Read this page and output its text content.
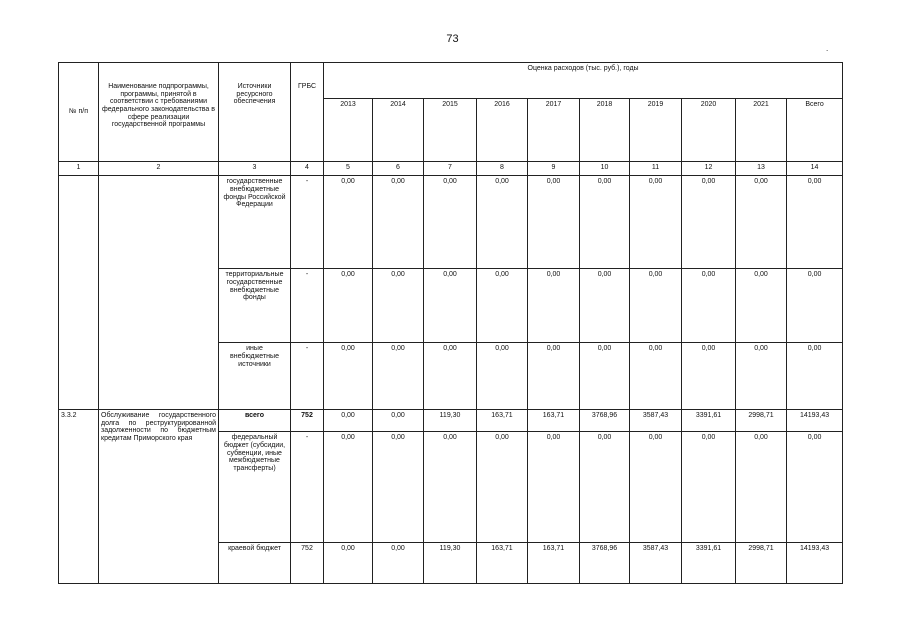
73
.
№ п/п	Наименование подпрограммы, программы, принятой в соответствии с требованиями федерального законодательства в сфере реализации государственной программы	Источники ресурсного обеспечения	ГРБС	Оценка расходов (тыс. руб.), годы									
				2013	2014	2015	2016	2017	2018	2019	2020	2021	Всего
1	2	3	4	5	6	7	8	9	10	11	12	13	14
		государственные внебюджетные фонды Российской Федерации	-	0,00	0,00	0,00	0,00	0,00	0,00	0,00	0,00	0,00	0,00
		территориальные государственные внебюджетные фонды	-	0,00	0,00	0,00	0,00	0,00	0,00	0,00	0,00	0,00	0,00
		иные внебюджетные источники	-	0,00	0,00	0,00	0,00	0,00	0,00	0,00	0,00	0,00	0,00
3.3.2	Обслуживание государственного долга по реструктурированной задолженности по бюджетным кредитам Приморского края	всего	752	0,00	0,00	119,30	163,71	163,71	3768,96	3587,43	3391,61	2998,71	14193,43
		федеральный бюджет (субсидии, субвенции, иные межбюджетные трансферты)	-	0,00	0,00	0,00	0,00	0,00	0,00	0,00	0,00	0,00	0,00
		краевой бюджет	752	0,00	0,00	119,30	163,71	163,71	3768,96	3587,43	3391,61	2998,71	14193,43
